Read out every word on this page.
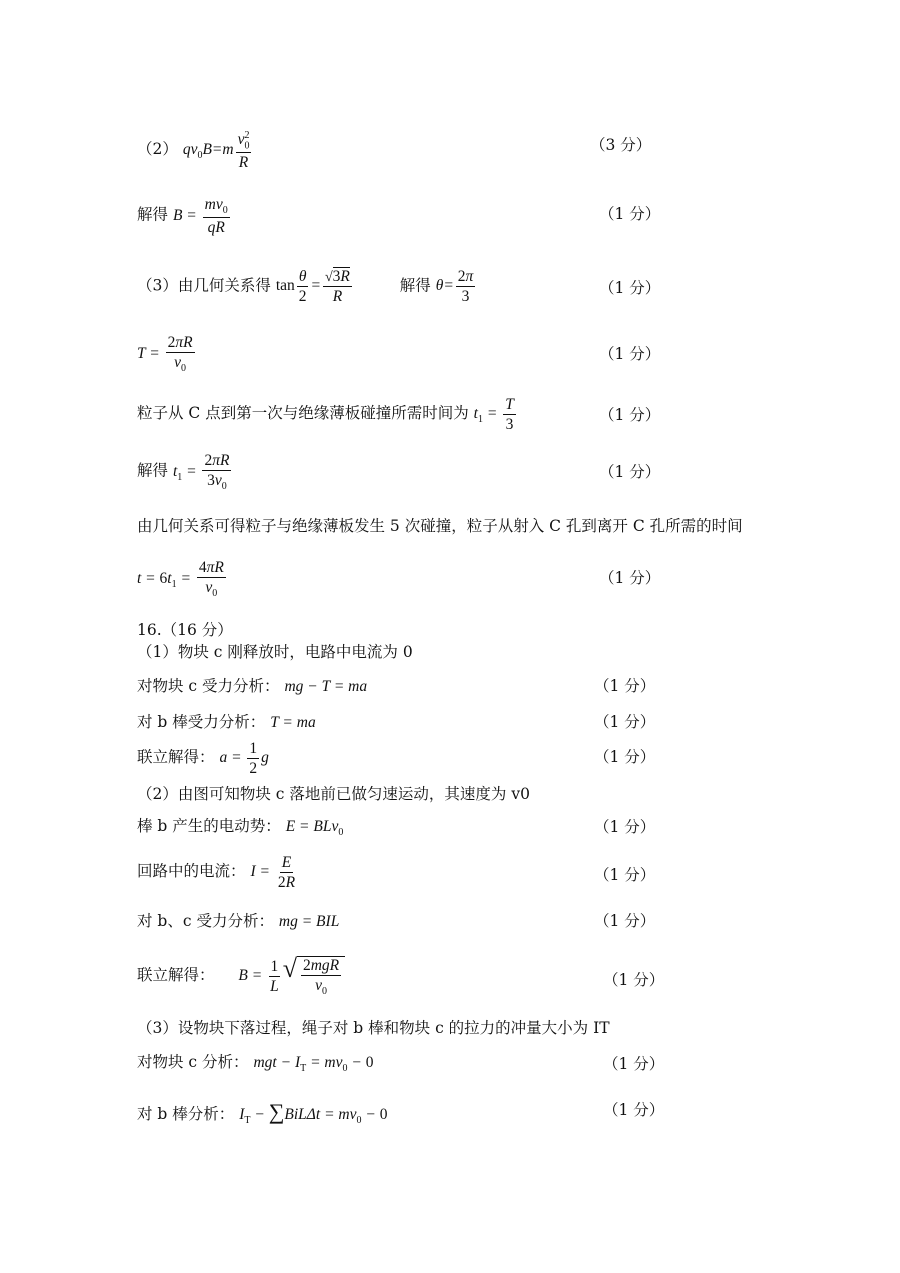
（2） $qv_0B=m \frac{v_0^2}{R}$	（3 分）
解得 $B = \frac{mv_0}{qR}$	（1 分）
（3）由几何关系得 $\tan \frac{\theta}{2} = \frac{√3R}{R}$	解得 $\theta= \frac{2\pi}{3}$	（1 分）
$T = \frac{2\pi R}{v_0}$	（1 分）
粒子从 C 点到第一次与绝缘薄板碰撞所需时间为 $t_1 = \frac{T}{3}$	（1 分）
解得 $t_1 = \frac{2\pi R}{3v_0}$	（1 分）
由几何关系可得粒子与绝缘薄板发生 5 次碰撞，粒子从射入 C 孔到离开 C 孔所需的时间
$t = 6t_1 = \frac{4\pi R}{v_0}$	（1 分）
16.（16 分）
（1）物块 c 刚释放时，电路中电流为 0
对物块 c 受力分析： mg − T = ma	（1 分）
对 b 棒受力分析： T = ma	（1 分）
联立解得： $a = \frac{1}{2}$ g	（1 分）
（2）由图可知物块 c 落地前已做匀速运动，其速度为 v0
棒 b 产生的电动势： E = BLv$_0$	（1 分）
回路中的电流： $I = \frac{E}{2R}$	（1 分）
对 b、c 受力分析： mg = BIL	（1 分）
联立解得： $B = \frac{1}{L}$ √ $\frac{\text{2mgR}}{v_0}$	（1 分）
（3）设物块下落过程，绳子对 b 棒和物块 c 的拉力的冲量大小为 IT
对物块 c 分析： mgt − $I_T = mv_0 - 0$	（1 分）
对 b 棒分析： $I_T - \sum BiL\Delta t = mv_0 - 0$	（1 分）
